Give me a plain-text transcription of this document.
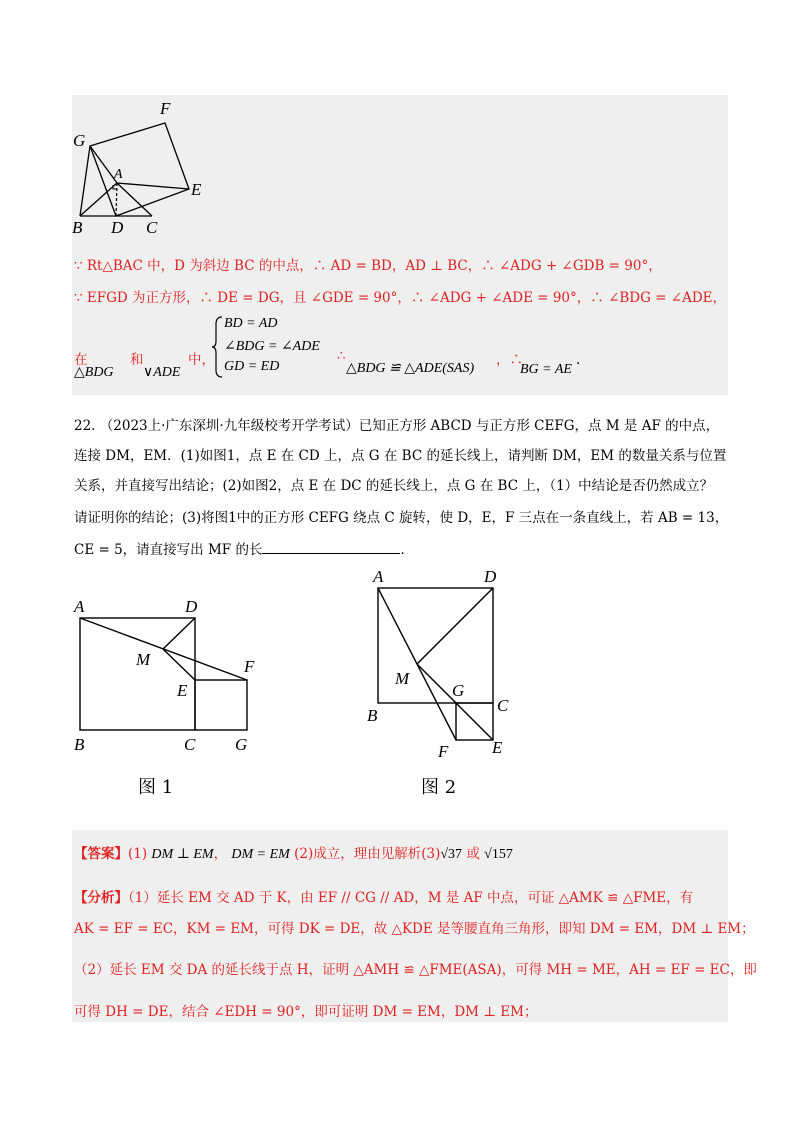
F
G
A
E
B D C
∵ Rt△BAC 中，D 为斜边 BC 的中点，∴ AD = BD，AD ⊥ BC，∴ ∠ADG + ∠GDB = 90°，
∵ EFGD 为正方形，∴ DE = DG，且 ∠GDE = 90°，∴ ∠ADG + ∠ADE = 90°，∴ ∠BDG = ∠ADE，
在
△BDG
和
∨ADE
中，
BD = AD
∠BDG = ∠ADE
GD = ED
∴
△BDG ≌ △ADE(SAS)
，∴
BG = AE
.
22. （2023上·广东深圳·九年级校考开学考试）已知正方形 ABCD 与正方形 CEFG，点 M 是 AF 的中点，
连接 DM，EM．(1)如图1，点 E 在 CD 上，点 G 在 BC 的延长线上，请判断 DM，EM 的数量关系与位置
关系，并直接写出结论；(2)如图2，点 E 在 DC 的延长线上，点 G 在 BC 上，（1）中结论是否仍然成立？
请证明你的结论；(3)将图1中的正方形 CEFG 绕点 C 旋转，使 D，E，F 三点在一条直线上，若 AB = 13，
CE = 5，请直接写出 MF 的长	．
A	D
M	F
E
B	C G
图 1
A	D
M
G
C
B
F	E
图 2
【答案】(1) DM ⊥ EM， DM = EM (2)成立，理由见解析(3)√37 或 √157
【分析】（1）延长 EM 交 AD 于 K，由 EF // CG // AD，M 是 AF 中点，可证 △AMK ≌ △FME，有
AK = EF = EC，KM = EM，可得 DK = DE，故 △KDE 是等腰直角三角形，即知 DM = EM，DM ⊥ EM；
（2）延长 EM 交 DA 的延长线于点 H，证明 △AMH ≌ △FME(ASA)，可得 MH = ME，AH = EF = EC，即
可得 DH = DE，结合 ∠EDH = 90°，即可证明 DM = EM，DM ⊥ EM；
